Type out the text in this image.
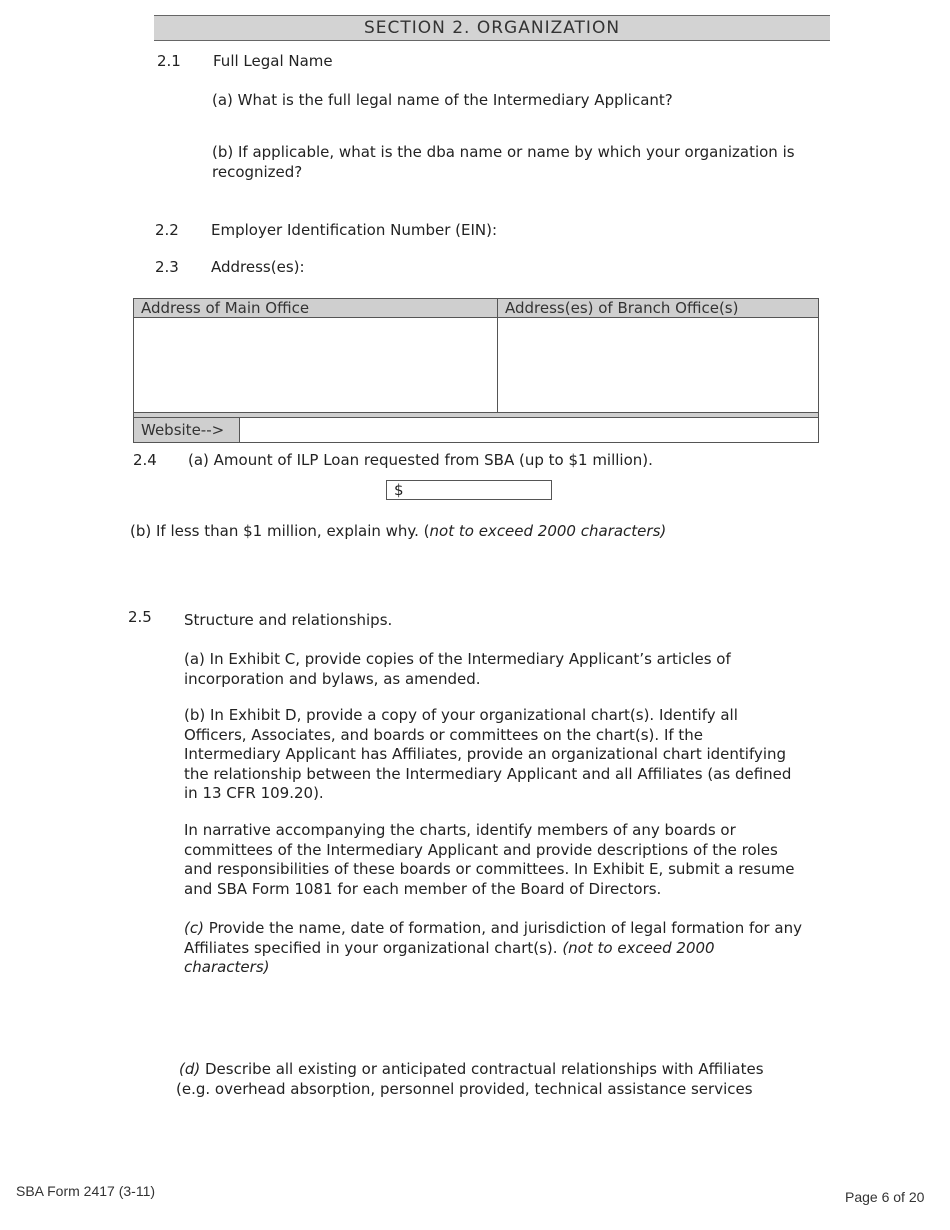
SECTION 2. ORGANIZATION
2.1 Full Legal Name
(a) What is the full legal name of the Intermediary Applicant?
(b) If applicable, what is the dba name or name by which your organization is recognized?
2.2 Employer Identification Number (EIN):
2.3 Address(es):
Address of Main Office	Address(es) of Branch Office(s)
Website-->
2.4 (a) Amount of ILP Loan requested from SBA (up to $1 million).
$
(b) If less than $1 million, explain why. (not to exceed 2000 characters)
2.5 Structure and relationships.
(a) In Exhibit C, provide copies of the Intermediary Applicant’s articles of incorporation and bylaws, as amended.
(b) In Exhibit D, provide a copy of your organizational chart(s). Identify all Officers, Associates, and boards or committees on the chart(s). If the Intermediary Applicant has Affiliates, provide an organizational chart identifying the relationship between the Intermediary Applicant and all Affiliates (as defined in 13 CFR 109.20).
In narrative accompanying the charts, identify members of any boards or committees of the Intermediary Applicant and provide descriptions of the roles and responsibilities of these boards or committees. In Exhibit E, submit a resume and SBA Form 1081 for each member of the Board of Directors.
(c) Provide the name, date of formation, and jurisdiction of legal formation for any Affiliates specified in your organizational chart(s). (not to exceed 2000 characters)
(d) Describe all existing or anticipated contractual relationships with Affiliates (e.g. overhead absorption, personnel provided, technical assistance services
SBA Form 2417 (3-11)	Page 6 of 20
